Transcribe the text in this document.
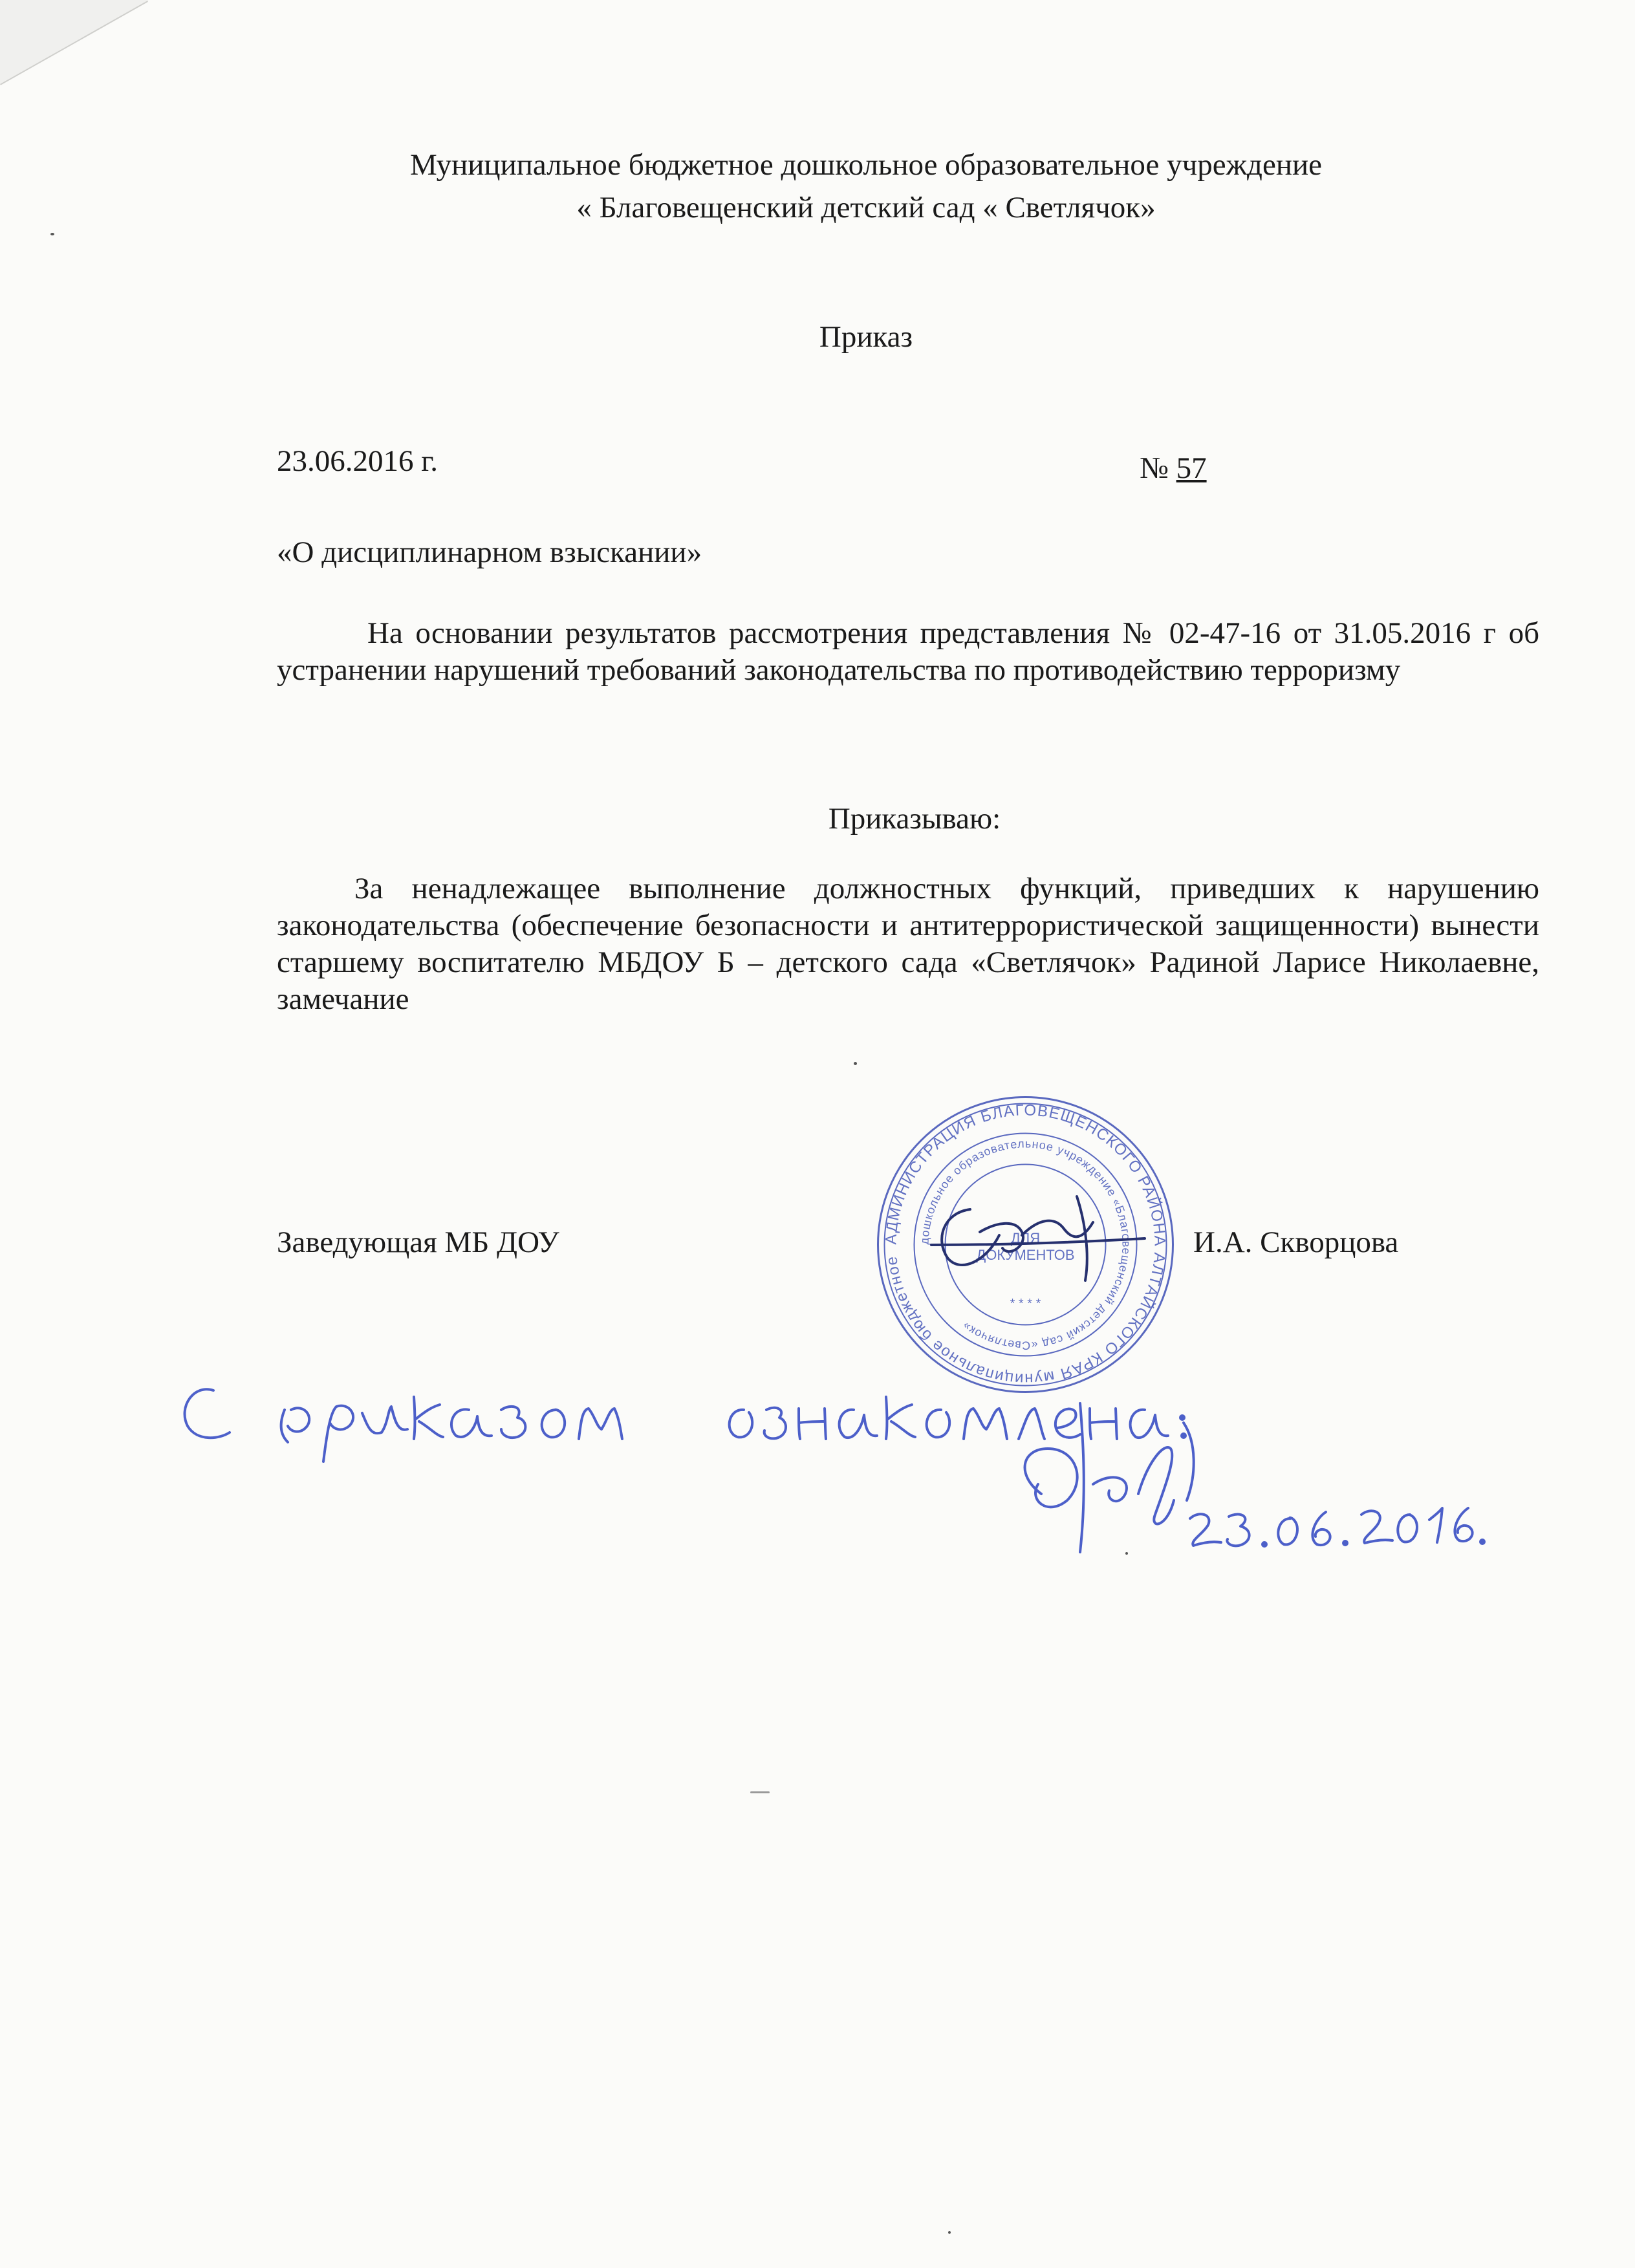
Муниципальное бюджетное дошкольное образовательное учреждение
« Благовещенский детский сад « Светлячок»
Приказ
23.06.2016 г.	№ 57
«О дисциплинарном взыскании»
На основании результатов рассмотрения представления № 02-47-16 от 31.05.2016 г об устранении нарушений требований законодательства по противодействию терроризму
Приказываю:
За ненадлежащее выполнение должностных функций, приведших к нарушению законодательства (обеспечение безопасности и антитеррористической защищенности) вынести старшему воспитателю МБДОУ Б – детского сада «Светлячок» Радиной Ларисе Николаевне, замечание
Заведующая МБ ДОУ	И.А. Скворцова
АДМИНИСТРАЦИЯ БЛАГОВЕЩЕНСКОГО РАЙОНА АЛТАЙСКОГО КРАЯ муниципальное бюджетное
дошкольное образовательное учреждение «Благовещенский детский сад «Светлячок»
ДЛЯ
ДОКУМЕНТОВ
* * * *
